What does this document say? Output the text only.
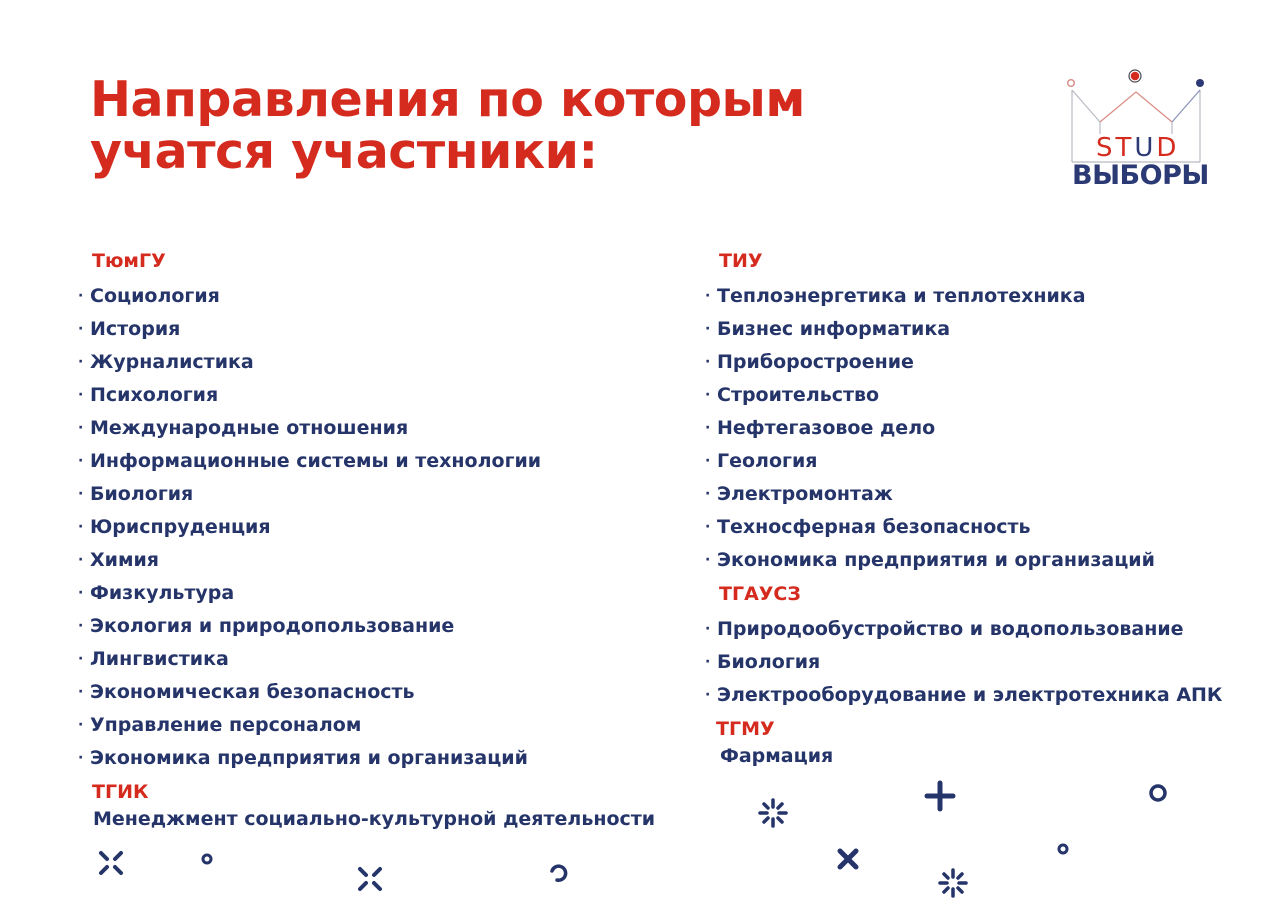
Направления по которым
учатся участники:	STUD
ВЫБОРЫ
ТюмГУ
· Социология
· История
· Журналистика
· Психология
· Международные отношения
· Информационные системы и технологии
· Биология
· Юриспруденция
· Химия
· Физкультура
· Экология и природопользование
· Лингвистика
· Экономическая безопасность
· Управление персоналом
· Экономика предприятия и организаций
ТГИК
Менеджмент социально-культурной деятельности
ТИУ
· Теплоэнергетика и теплотехника
· Бизнес информатика
· Приборостроение
· Строительство
· Нефтегазовое дело
· Геология
· Электромонтаж
· Техносферная безопасность
· Экономика предприятия и организаций
ТГАУСЗ
· Природообустройство и водопользование
· Биология
· Электрооборудование и электротехника АПК
ТГМУ
Фармация
